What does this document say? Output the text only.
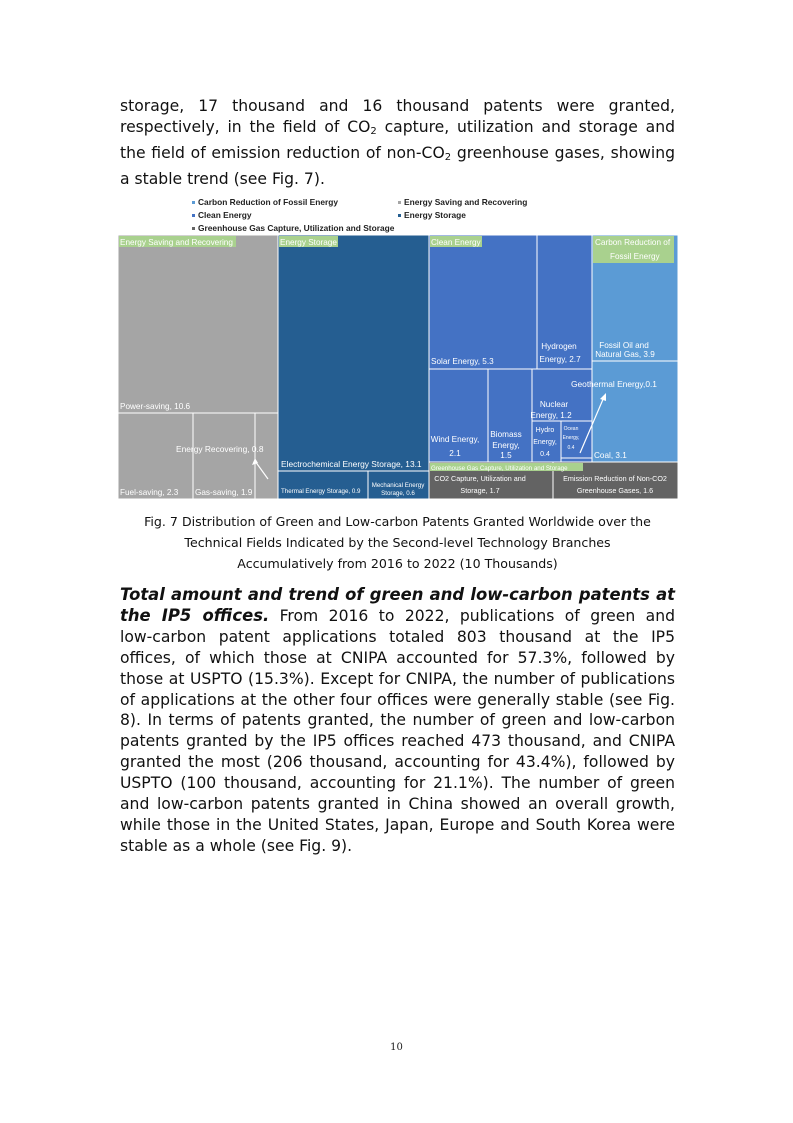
storage, 17 thousand and 16 thousand patents were granted,
respectively, in the field of $CO_2$ capture, utilization and storage and
the field of emission reduction of non-$CO_2$ greenhouse gases, showing
a stable trend (see Fig. 7).
Carbon Reduction of Fossil Energy	Energy Saving and Recovering
Clean Energy	Energy Storage
Greenhouse Gas Capture, Utilization and Storage
Energy Saving and Recovering	Energy Storage	Clean Energy	Carbon Reduction of
Fossil Energy
Greenhouse Gas Capture, Utilization and Storage
Power-saving, 10.6
Energy Recovering, 0.8
Fuel-saving, 2.3 Gas-saving, 1.9
Electrochemical Energy Storage, 13.1
Thermal Energy Storage, 0.9
Mechanical Energy
Storage, 0.6
Solar Energy, 5.3
Hydrogen
Energy, 2.7
Fossil Oil and
Natural Gas, 3.9
Geothermal Energy,0.1
Wind Energy,
2.1
Biomass
Energy,
1.5
Nuclear
Energy, 1.2
Hydro
Energy,
0.4
Ocean
Energy,
0.4
Coal, 3.1
CO2 Capture, Utilization and
Storage, 1.7
Emission Reduction of Non-CO2
Greenhouse Gases, 1.6
Fig. 7 Distribution of Green and Low-carbon Patents Granted Worldwide over the
Technical Fields Indicated by the Second-level Technology Branches
Accumulatively from 2016 to 2022 (10 Thousands)
Total amount and trend of green and low-carbon patents at
the IP5 offices. From 2016 to 2022, publications of green and
low-carbon patent applications totaled 803 thousand at the IP5
offices, of which those at CNIPA accounted for 57.3%, followed by
those at USPTO (15.3%). Except for CNIPA, the number of publications
of applications at the other four offices were generally stable (see Fig.
8). In terms of patents granted, the number of green and low-carbon
patents granted by the IP5 offices reached 473 thousand, and CNIPA
granted the most (206 thousand, accounting for 43.4%), followed by
USPTO (100 thousand, accounting for 21.1%). The number of green
and low-carbon patents granted in China showed an overall growth,
while those in the United States, Japan, Europe and South Korea were
stable as a whole (see Fig. 9).
10
